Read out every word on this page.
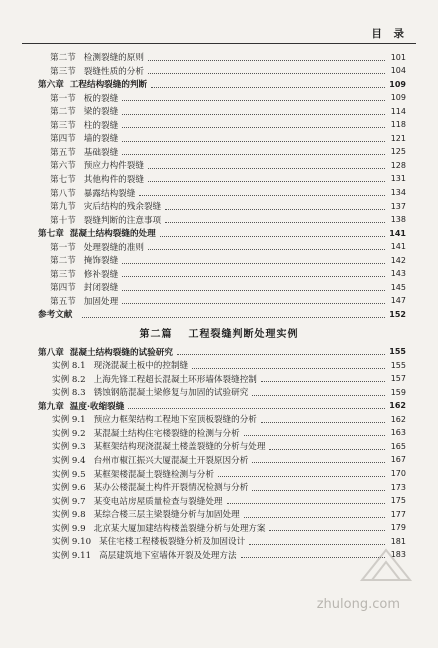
目 录
第二节 检测裂缝的原则	101
第三节 裂缝性质的分析	104
第六章 工程结构裂缝的判断	109
第一节 板的裂缝	109
第二节 梁的裂缝	114
第三节 柱的裂缝	118
第四节 墙的裂缝	121
第五节 基础裂缝	125
第六节 预应力构件裂缝	128
第七节 其他构件的裂缝	131
第八节 暴露结构裂缝	134
第九节 灾后结构的残余裂缝	137
第十节 裂缝判断的注意事项	138
第七章 混凝土结构裂缝的处理	141
第一节 处理裂缝的准则	141
第二节 掩饰裂缝	142
第三节 修补裂缝	143
第四节 封闭裂缝	145
第五节 加固处理	147
参考文献	152
第二篇 工程裂缝判断处理实例
第八章 混凝土结构裂缝的试验研究	155
实例 8.1 现浇混凝土板中的控制缝	155
实例 8.2 上海先锋工程超长混凝土环形墙体裂缝控制	157
实例 8.3 锈蚀钢筋混凝土梁修复与加固的试验研究	159
第九章 温度·收缩裂缝	162
实例 9.1 预应力框架结构工程地下室顶板裂缝的分析	162
实例 9.2 某混凝土结构住宅楼裂缝的检测与分析	163
实例 9.3 某框架结构现浇混凝土楼盖裂缝的分析与处理	165
实例 9.4 台州市椒江振兴大厦混凝土开裂原因分析	167
实例 9.5 某框架楼混凝土裂缝检测与分析	170
实例 9.6 某办公楼混凝土构件开裂情况检测与分析	173
实例 9.7 某变电站房屋质量检查与裂缝处理	175
实例 9.8 某综合楼三层主梁裂缝分析与加固处理	177
实例 9.9 北京某大厦加建结构楼盖裂缝分析与处理方案	179
实例 9.10 某住宅楼工程楼板裂缝分析及加固设计	181
实例 9.11 高层建筑地下室墙体开裂及处理方法	183
zhulong.com
